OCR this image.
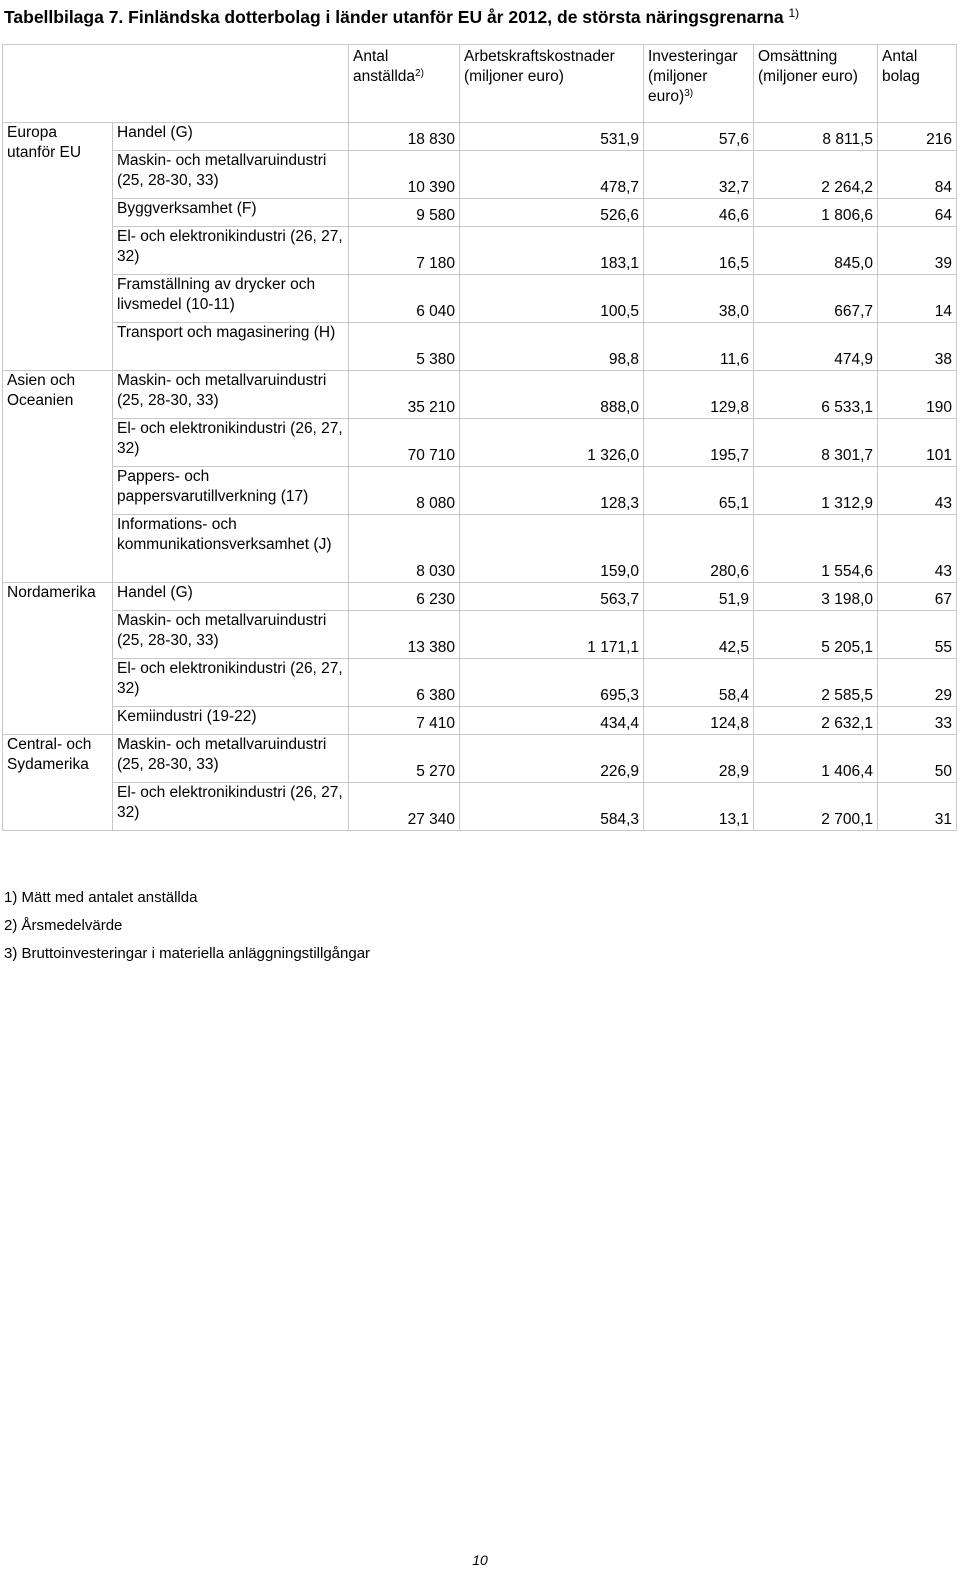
Tabellbilaga 7. Finländska dotterbolag i länder utanför EU år 2012, de största näringsgrenarna $^{1)}$
		Antal anställda$^{2)}$	Arbetskraftskostnader (miljoner euro)	Investeringar (miljoner euro)$^{3)}$	Omsättning (miljoner euro)	Antal bolag
Europa utanför EU	Handel (G)	18 830	531,9	57,6	8 811,5	216
	Maskin- och metallvaruindustri (25, 28-30, 33)	10 390	478,7	32,7	2 264,2	84
	Byggverksamhet (F)	9 580	526,6	46,6	1 806,6	64
	El- och elektronikindustri (26, 27, 32)	7 180	183,1	16,5	845,0	39
	Framställning av drycker och livsmedel (10-11)	6 040	100,5	38,0	667,7	14
	Transport och magasinering (H)	5 380	98,8	11,6	474,9	38
Asien och Oceanien	Maskin- och metallvaruindustri (25, 28-30, 33)	35 210	888,0	129,8	6 533,1	190
	El- och elektronikindustri (26, 27, 32)	70 710	1 326,0	195,7	8 301,7	101
	Pappers- och pappersvarutillverkning (17)	8 080	128,3	65,1	1 312,9	43
	Informations- och kommunikationsverksamhet (J)	8 030	159,0	280,6	1 554,6	43
Nordamerika	Handel (G)	6 230	563,7	51,9	3 198,0	67
	Maskin- och metallvaruindustri (25, 28-30, 33)	13 380	1 171,1	42,5	5 205,1	55
	El- och elektronikindustri (26, 27, 32)	6 380	695,3	58,4	2 585,5	29
	Kemiindustri (19-22)	7 410	434,4	124,8	2 632,1	33
Central- och Sydamerika	Maskin- och metallvaruindustri (25, 28-30, 33)	5 270	226,9	28,9	1 406,4	50
	El- och elektronikindustri (26, 27, 32)	27 340	584,3	13,1	2 700,1	31
1) Mätt med antalet anställda
2) Årsmedelvärde
3) Bruttoinvesteringar i materiella anläggningstillgångar
10
